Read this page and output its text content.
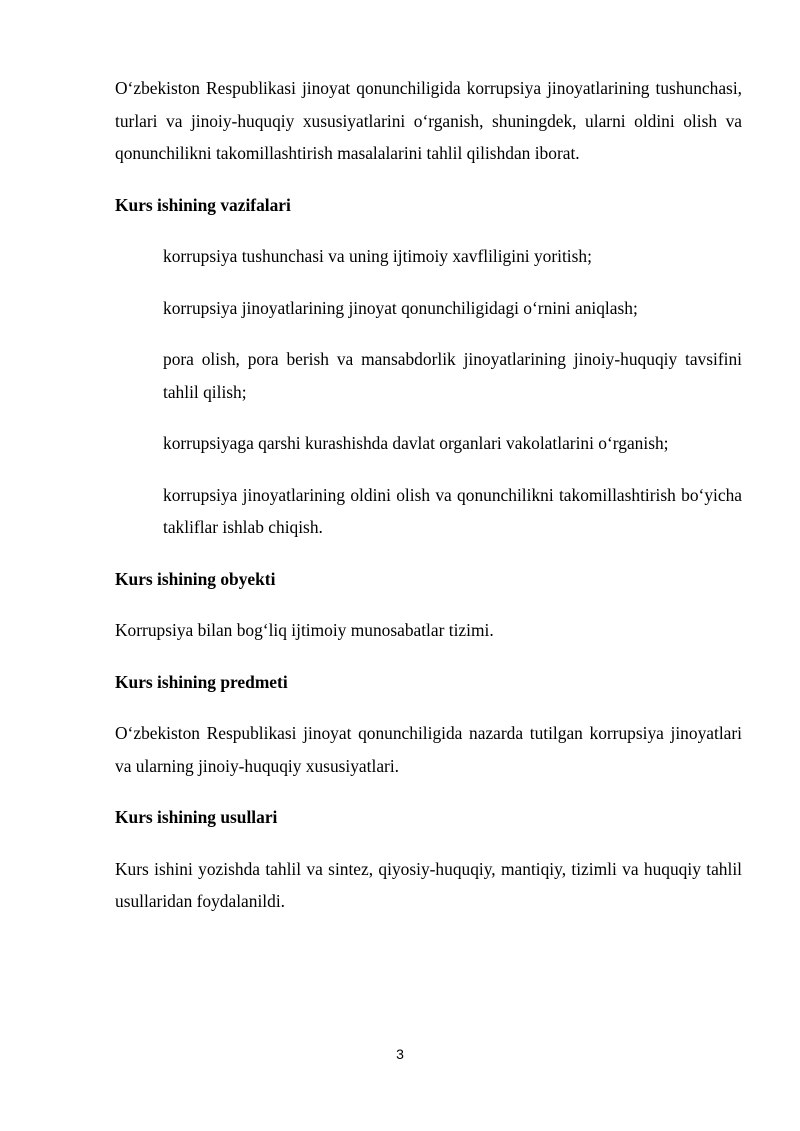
O‘zbekiston Respublikasi jinoyat qonunchiligida korrupsiya jinoyatlarining tushunchasi, turlari va jinoiy-huquqiy xususiyatlarini o‘rganish, shuningdek, ularni oldini olish va qonunchilikni takomillashtirish masalalarini tahlil qilishdan iborat.

Kurs ishining vazifalari

korrupsiya tushunchasi va uning ijtimoiy xavfliligini yoritish;

korrupsiya jinoyatlarining jinoyat qonunchiligidagi o‘rnini aniqlash;

pora olish, pora berish va mansabdorlik jinoyatlarining jinoiy-huquqiy tavsifini tahlil qilish;

korrupsiyaga qarshi kurashishda davlat organlari vakolatlarini o‘rganish;

korrupsiya jinoyatlarining oldini olish va qonunchilikni takomillashtirish bo‘yicha takliflar ishlab chiqish.

Kurs ishining obyekti

Korrupsiya bilan bog‘liq ijtimoiy munosabatlar tizimi.

Kurs ishining predmeti

O‘zbekiston Respublikasi jinoyat qonunchiligida nazarda tutilgan korrupsiya jinoyatlari va ularning jinoiy-huquqiy xususiyatlari.

Kurs ishining usullari

Kurs ishini yozishda tahlil va sintez, qiyosiy-huquqiy, mantiqiy, tizimli va huquqiy tahlil usullaridan foydalanildi.

3
